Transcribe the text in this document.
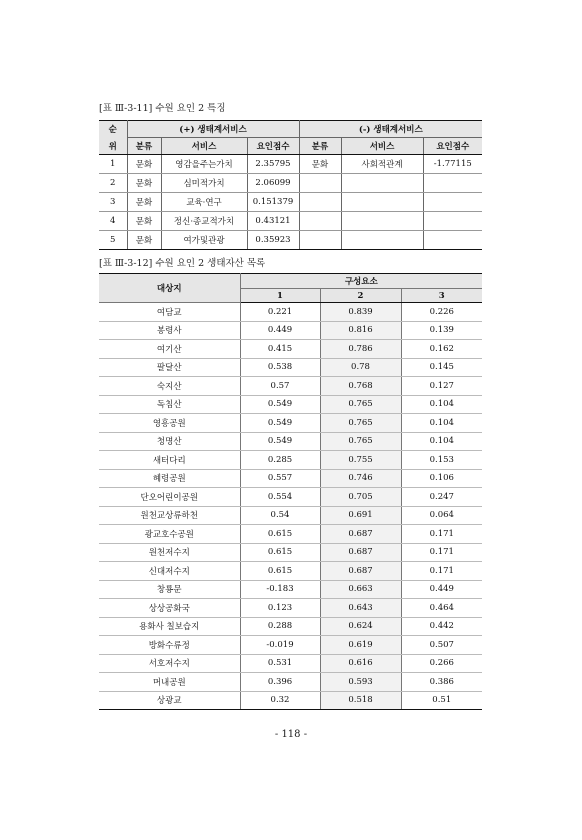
[표 Ⅲ-3-11] 수원 요인 2 특징
순	(+) 생태계서비스			(-) 생태계서비스		
위	분류	서비스	요인점수	분류	서비스	요인점수
1	문화	영감을주는가치	2.35795	문화	사회적관계	-1.77115
2	문화	심미적가치	2.06099			
3	문화	교육·연구	0.151379			
4	문화	정신·종교적가치	0.43121			
5	문화	여가및관광	0.35923			
[표 Ⅲ-3-12] 수원 요인 2 생태자산 목록
대상지	구성요소		
	1	2	3
여담교	0.221	0.839	0.226
봉령사	0.449	0.816	0.139
여기산	0.415	0.786	0.162
팔달산	0.538	0.78	0.145
숙지산	0.57	0.768	0.127
독침산	0.549	0.765	0.104
영흥공원	0.549	0.765	0.104
청명산	0.549	0.765	0.104
새터다리	0.285	0.755	0.153
혜령공원	0.557	0.746	0.106
단오어린이공원	0.554	0.705	0.247
원천교상류하천	0.54	0.691	0.064
광교호수공원	0.615	0.687	0.171
원천저수지	0.615	0.687	0.171
신대저수지	0.615	0.687	0.171
창룡문	-0.183	0.663	0.449
상상공화국	0.123	0.643	0.464
용화사 칠보습지	0.288	0.624	0.442
방화수류정	-0.019	0.619	0.507
서호저수지	0.531	0.616	0.266
머내공원	0.396	0.593	0.386
상광교	0.32	0.518	0.51
- 118 -
